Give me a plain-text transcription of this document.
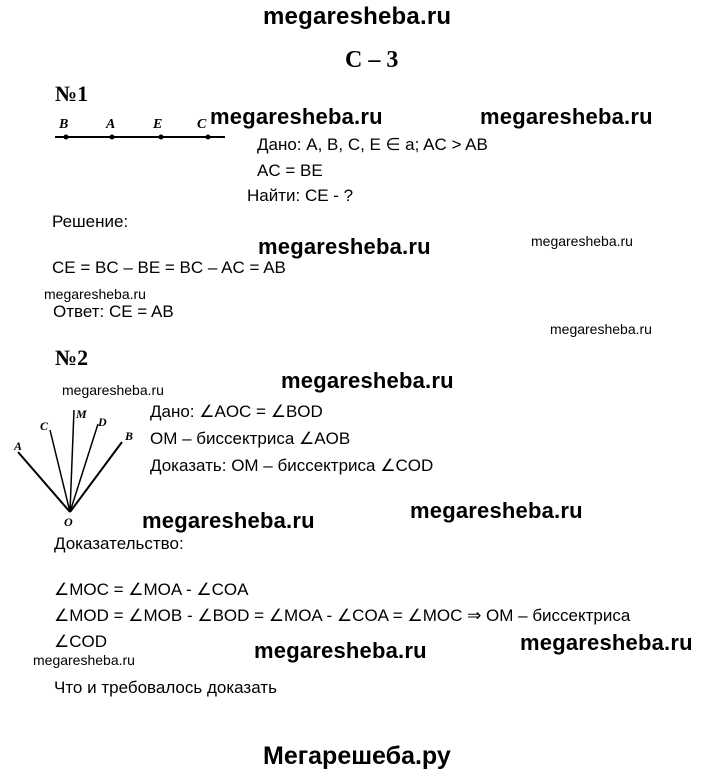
megaresheba.ru
С – 3
№1
B	A	E C megaresheba.ru	megaresheba.ru
Дано: A, B, C, E ∈ a; AC > AB
AC = BE
Найти: CE - ?
Решение:
megaresheba.ru	megaresheba.ru
CE = BC – BE = BC – AC = AB
megaresheba.ru
Ответ: CE = AB
megaresheba.ru
№2
megaresheba.ru	megaresheba.ru
A
C
M
D
B
O
Дано: ∠AOC = ∠BOD
OM – биссектриса ∠AOB
Доказать: OM – биссектриса ∠COD
megaresheba.ru	megaresheba.ru
Доказательство:
∠MOC = ∠MOA - ∠COA
∠MOD = ∠MOB - ∠BOD = ∠MOA - ∠COA = ∠MOC ⇒ OM – биссектриса
∠COD	megaresheba.ru
megaresheba.ru	megaresheba.ru
Что и требовалось доказать
Мегарешеба.ру
